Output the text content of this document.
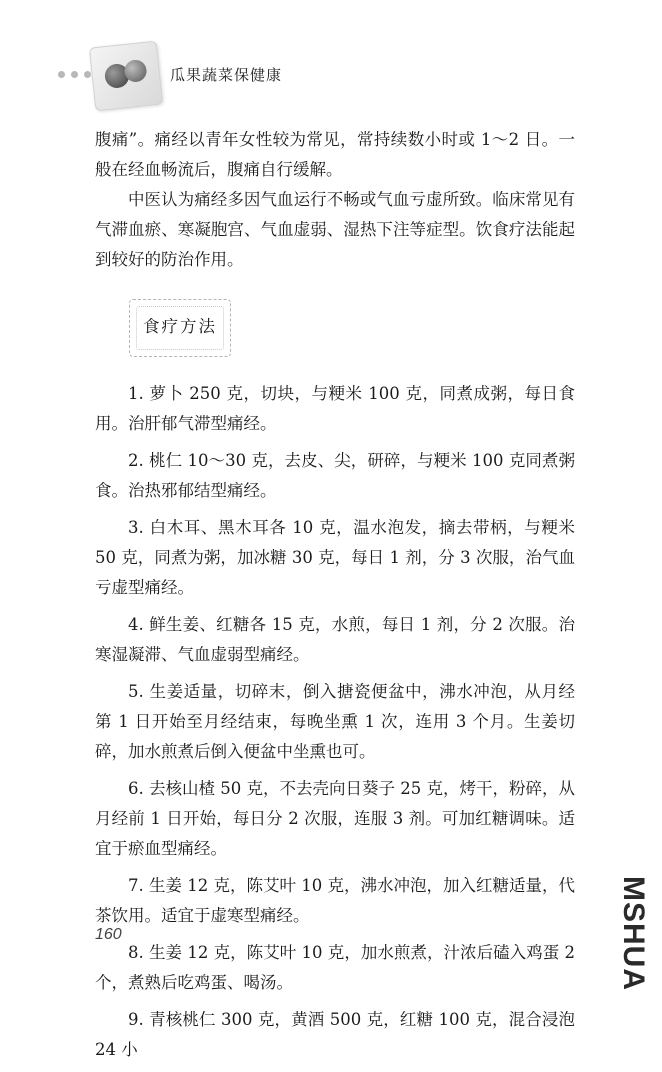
瓜果蔬菜保健康

腹痛”。痛经以青年女性较为常见，常持续数小时或 1～2 日。一般在经血畅流后，腹痛自行缓解。

中医认为痛经多因气血运行不畅或气血亏虚所致。临床常见有气滞血瘀、寒凝胞宫、气血虚弱、湿热下注等症型。饮食疗法能起到较好的防治作用。

食疗方法

1. 萝卜 250 克，切块，与粳米 100 克，同煮成粥，每日食用。治肝郁气滞型痛经。

2. 桃仁 10～30 克，去皮、尖，研碎，与粳米 100 克同煮粥食。治热邪郁结型痛经。

3. 白木耳、黑木耳各 10 克，温水泡发，摘去带柄，与粳米 50 克，同煮为粥，加冰糖 30 克，每日 1 剂，分 3 次服，治气血亏虚型痛经。

4. 鲜生姜、红糖各 15 克，水煎，每日 1 剂，分 2 次服。治寒湿凝滞、气血虚弱型痛经。

5. 生姜适量，切碎末，倒入搪瓷便盆中，沸水冲泡，从月经第 1 日开始至月经结束，每晚坐熏 1 次，连用 3 个月。生姜切碎，加水煎煮后倒入便盆中坐熏也可。

6. 去核山楂 50 克，不去壳向日葵子 25 克，烤干，粉碎，从月经前 1 日开始，每日分 2 次服，连服 3 剂。可加红糖调味。适宜于瘀血型痛经。

7. 生姜 12 克，陈艾叶 10 克，沸水冲泡，加入红糖适量，代茶饮用。适宜于虚寒型痛经。

8. 生姜 12 克，陈艾叶 10 克，加水煎煮，汁浓后磕入鸡蛋 2 个，煮熟后吃鸡蛋、喝汤。

9. 青核桃仁 300 克，黄酒 500 克，红糖 100 克，混合浸泡 24 小

160	MSHUA
